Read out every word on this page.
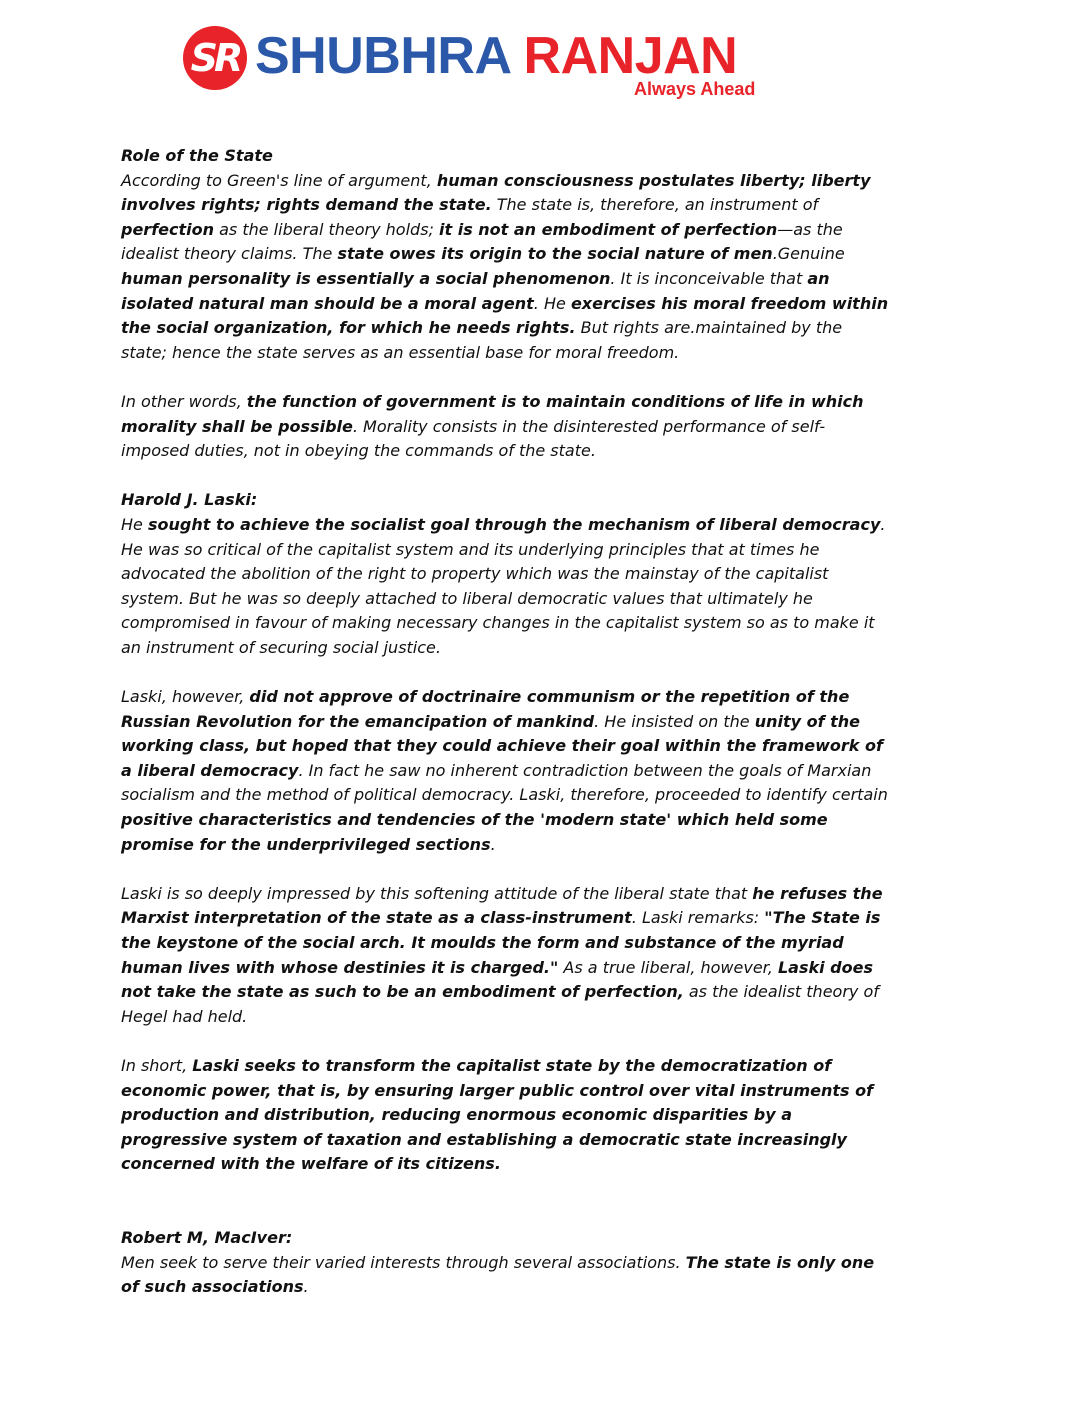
SR SHUBHRA RANJAN
Always Ahead

Role of the State

According to Green's line of argument, human consciousness postulates liberty; liberty involves rights; rights demand the state. The state is, therefore, an instrument of perfection as the liberal theory holds; it is not an embodiment of perfection—as the idealist theory claims. The state owes its origin to the social nature of men.Genuine human personality is essentially a social phenomenon. It is inconceivable that an isolated natural man should be a moral agent. He exercises his moral freedom within the social organization, for which he needs rights. But rights are.maintained by the state; hence the state serves as an essential base for moral freedom.

In other words, the function of government is to maintain conditions of life in which morality shall be possible. Morality consists in the disinterested performance of self-imposed duties, not in obeying the commands of the state.

Harold J. Laski:

He sought to achieve the socialist goal through the mechanism of liberal democracy. He was so critical of the capitalist system and its underlying principles that at times he advocated the abolition of the right to property which was the mainstay of the capitalist system. But he was so deeply attached to liberal democratic values that ultimately he compromised in favour of making necessary changes in the capitalist system so as to make it an instrument of securing social justice.

Laski, however, did not approve of doctrinaire communism or the repetition of the Russian Revolution for the emancipation of mankind. He insisted on the unity of the working class, but hoped that they could achieve their goal within the framework of a liberal democracy. In fact he saw no inherent contradiction between the goals of Marxian socialism and the method of political democracy. Laski, therefore, proceeded to identify certain positive characteristics and tendencies of the 'modern state' which held some promise for the underprivileged sections.

Laski is so deeply impressed by this softening attitude of the liberal state that he refuses the Marxist interpretation of the state as a class-instrument. Laski remarks: "The State is the keystone of the social arch. It moulds the form and substance of the myriad human lives with whose destinies it is charged." As a true liberal, however, Laski does not take the state as such to be an embodiment of perfection, as the idealist theory of Hegel had held.

In short, Laski seeks to transform the capitalist state by the democratization of economic power, that is, by ensuring larger public control over vital instruments of production and distribution, reducing enormous economic disparities by a progressive system of taxation and establishing a democratic state increasingly concerned with the welfare of its citizens.

Robert M, MacIver:

Men seek to serve their varied interests through several associations. The state is only one of such associations.
